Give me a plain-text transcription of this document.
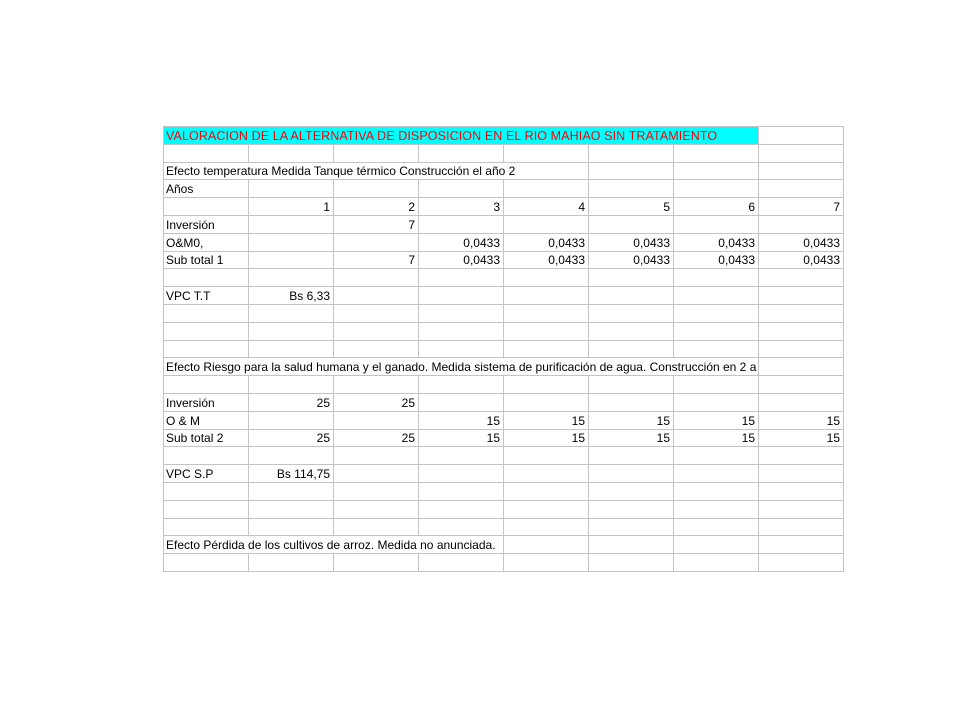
VALORACION DE LA ALTERNATIVA DE DISPOSICION EN EL RIO MAHIAO SIN TRATAMIENTO							

Efecto temperatura Medida Tanque térmico Construcción el año 2							

Años							

	1	2	3	4	5	6	7

Inversión		7					

O&M0,			0,0433	0,0433	0,0433	0,0433	0,0433

Sub total 1		7	0,0433	0,0433	0,0433	0,0433	0,0433

VPC T.T	Bs 6,33						

Efecto Riesgo para la salud humana y el ganado. Medida sistema de purificación de agua. Construcción en 2 a							

Inversión	25	25					

O & M			15	15	15	15	15

Sub total 2	25	25	15	15	15	15	15

VPC S.P	Bs 114,75						

Efecto Pérdida de los cultivos de arroz. Medida no anunciada.							
